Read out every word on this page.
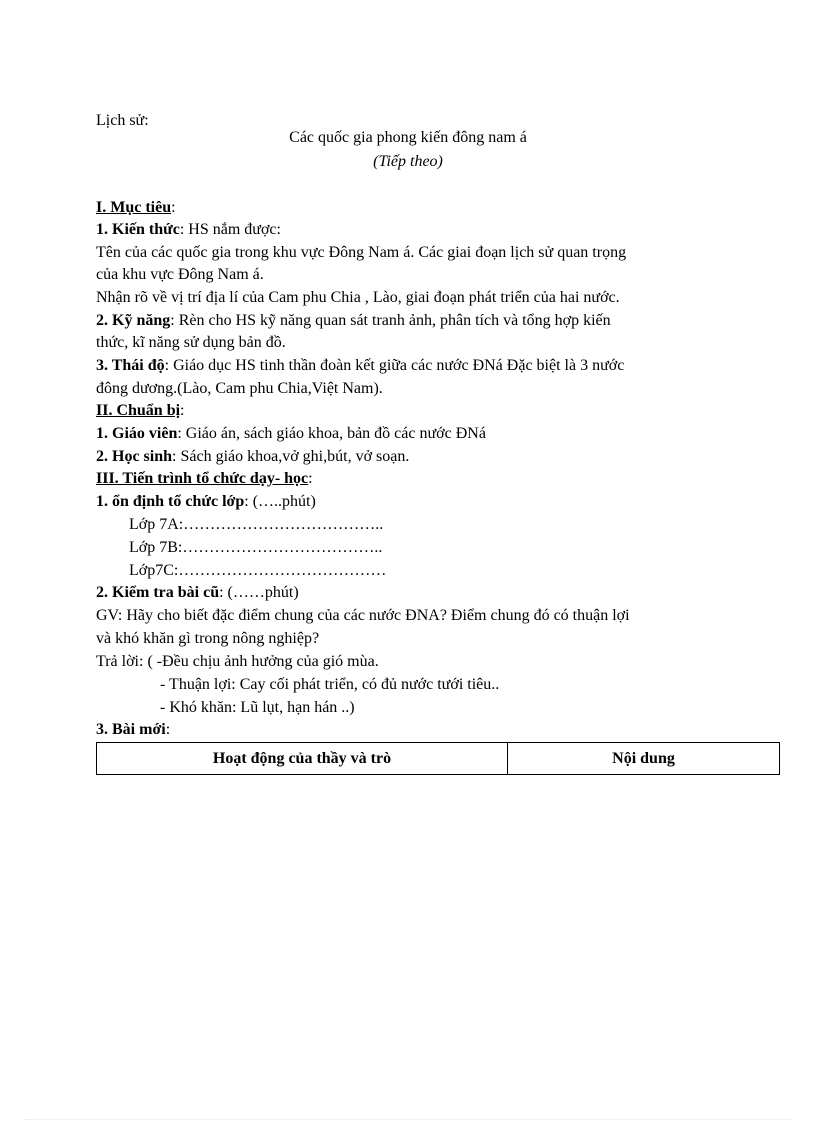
Lịch sử:
Các quốc gia phong kiến đông nam á
(Tiếp theo)
I. Mục tiêu:
1. Kiến thức: HS nắm được:
Tên của các quốc gia trong khu vực Đông Nam á. Các giai đoạn lịch sử quan trọng
của khu vực Đông Nam á.
Nhận rõ về vị trí địa lí của Cam phu Chia , Lào, giai đoạn phát triển của hai nước.
2. Kỹ năng: Rèn cho HS kỹ năng quan sát tranh ảnh, phân tích và tổng hợp kiến
thức, kĩ năng sử dụng bản đồ.
3. Thái độ: Giáo dục HS tinh thần đoàn kết giữa các nước ĐNá Đặc biệt là 3 nước
đông dương.(Lào, Cam phu Chia,Việt Nam).
II. Chuẩn bị:
1. Giáo viên: Giáo án, sách giáo khoa, bản đồ các nước ĐNá
2. Học sinh: Sách giáo khoa,vở ghi,bút, vở soạn.
III. Tiến trình tổ chức dạy- học:
1. ổn định tổ chức lớp: (…..phút)
Lớp 7A:………………………………..
Lớp 7B:………………………………..
Lớp7C:…………………………………
2. Kiểm tra bài cũ: (……phút)
GV: Hãy cho biết đặc điểm chung của các nước ĐNA? Điểm chung đó có thuận lợi
và khó khăn gì trong nông nghiệp?
Trả lời: ( -Đều chịu ảnh hưởng của gió mùa.
- Thuận lợi: Cay cối phát triển, có đủ nước tưới tiêu..
- Khó khăn: Lũ lụt, hạn hán ..)
3. Bài mới:
Hoạt động của thầy và trò	Nội dung
